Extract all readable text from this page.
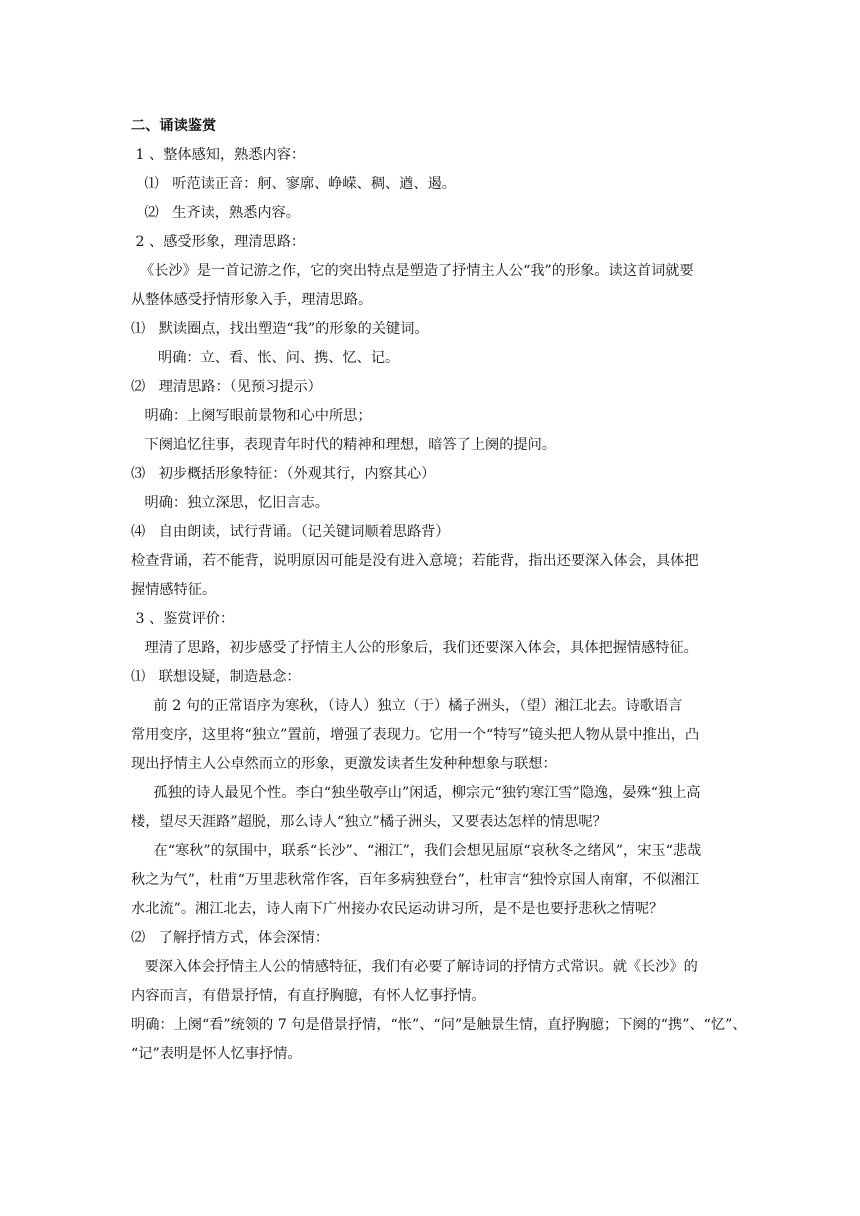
二、诵读鉴赏
1 、整体感知，熟悉内容：
⑴   听范读正音：舸、寥廓、峥嵘、稠、遒、遏。
⑵   生齐读，熟悉内容。
2 、感受形象，理清思路：
《长沙》是一首记游之作，它的突出特点是塑造了抒情主人公“我”的形象。读这首词就要
从整体感受抒情形象入手，理清思路。
⑴   默读圈点，找出塑造“我”的形象的关键词。
明确：立、看、怅、问、携、忆、记。
⑵   理清思路：（见预习提示）
明确：上阕写眼前景物和心中所思；
下阕追忆往事，表现青年时代的精神和理想，暗答了上阕的提问。
⑶   初步概括形象特征：（外观其行，内察其心）
明确：独立深思，忆旧言志。
⑷   自由朗读，试行背诵。（记关键词顺着思路背）
检查背诵，若不能背，说明原因可能是没有进入意境；若能背，指出还要深入体会，具体把
握情感特征。
3 、鉴赏评价：
理清了思路，初步感受了抒情主人公的形象后，我们还要深入体会，具体把握情感特征。
⑴   联想设疑，制造悬念：
前 2 句的正常语序为寒秋，（诗人）独立（于）橘子洲头，（望）湘江北去。诗歌语言
常用变序，这里将“独立”置前，增强了表现力。它用一个“特写”镜头把人物从景中推出，凸
现出抒情主人公卓然而立的形象，更激发读者生发种种想象与联想：
孤独的诗人最见个性。李白“独坐敬亭山”闲适，柳宗元“独钓寒江雪”隐逸，晏殊“独上高
楼，望尽天涯路”超脱，那么诗人“独立”橘子洲头，又要表达怎样的情思呢？
在“寒秋”的氛围中，联系“长沙”、“湘江”，我们会想见屈原“哀秋冬之绪风”，宋玉“悲哉
秋之为气”，杜甫“万里悲秋常作客，百年多病独登台”，杜审言“独怜京国人南窜，不似湘江
水北流”。湘江北去，诗人南下广州接办农民运动讲习所，是不是也要抒悲秋之情呢？
⑵   了解抒情方式，体会深情：
要深入体会抒情主人公的情感特征，我们有必要了解诗词的抒情方式常识。就《长沙》的
内容而言，有借景抒情，有直抒胸臆，有怀人忆事抒情。
明确：上阕“看”统领的 7 句是借景抒情，“怅”、“问”是触景生情，直抒胸臆；下阕的“携”、“忆”、
“记”表明是怀人忆事抒情。
